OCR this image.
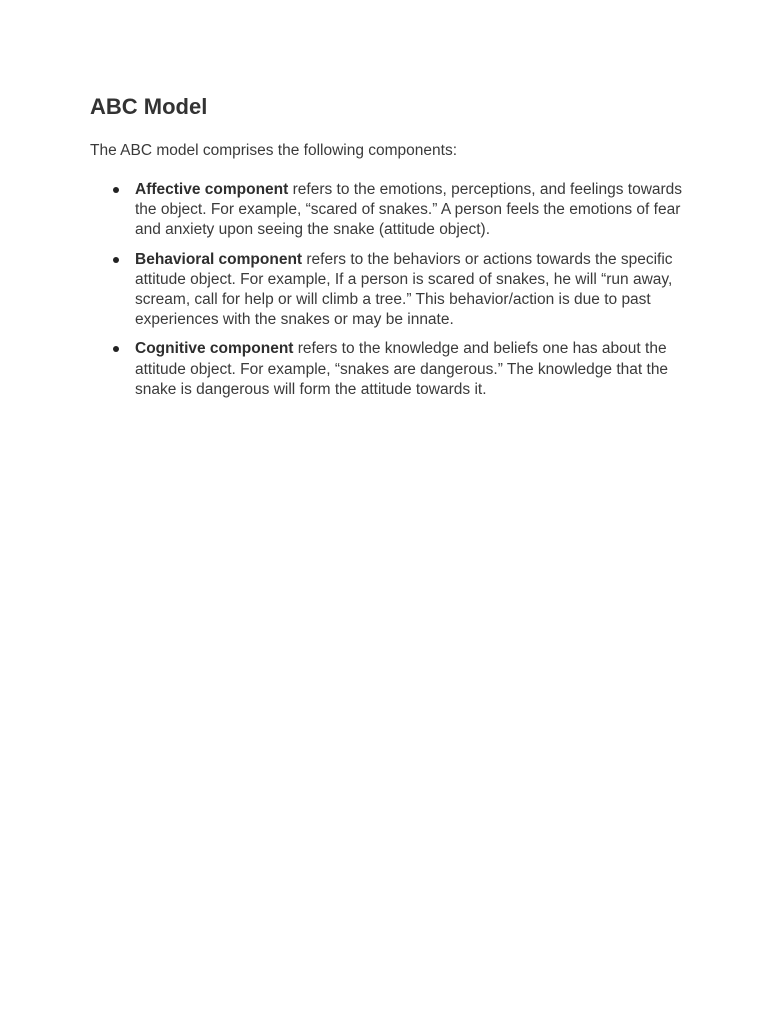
ABC Model

The ABC model comprises the following components:

Affective component refers to the emotions, perceptions, and feelings towards the object. For example, “scared of snakes.” A person feels the emotions of fear and anxiety upon seeing the snake (attitude object).
Behavioral component refers to the behaviors or actions towards the specific attitude object. For example, If a person is scared of snakes, he will “run away, scream, call for help or will climb a tree.” This behavior/action is due to past experiences with the snakes or may be innate.
Cognitive component refers to the knowledge and beliefs one has about the attitude object. For example, “snakes are dangerous.” The knowledge that the snake is dangerous will form the attitude towards it.
